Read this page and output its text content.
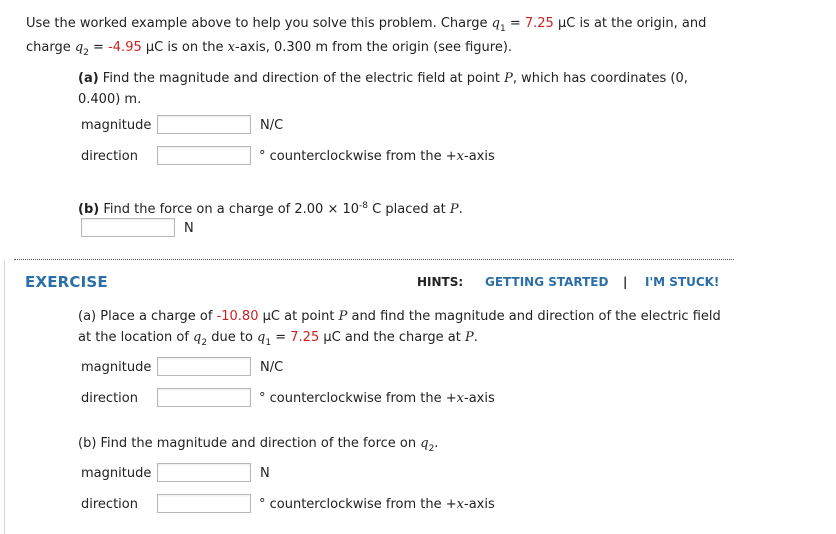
Use the worked example above to help you solve this problem. Charge $q_1 = 7.25$ µC is at the origin, and
charge $q_2 = -4.95$ µC is on the x-axis, 0.300 m from the origin (see figure).
(a) Find the magnitude and direction of the electric field at point P, which has coordinates (0,
0.400) m.
magnitude	N/C
direction	° counterclockwise from the +x-axis
(b) Find the force on a charge of $2.00 \times 10^{-8}$ C placed at P.
N
EXERCISE	HINTS: GETTING STARTED | I'M STUCK!
(a) Place a charge of -10.80 µC at point P and find the magnitude and direction of the electric field
at the location of $q_2$ due to $q_1 = 7.25$ µC and the charge at P.
magnitude	N/C
direction	° counterclockwise from the +x-axis
(b) Find the magnitude and direction of the force on $q_2$.
magnitude	N
direction	° counterclockwise from the +x-axis
